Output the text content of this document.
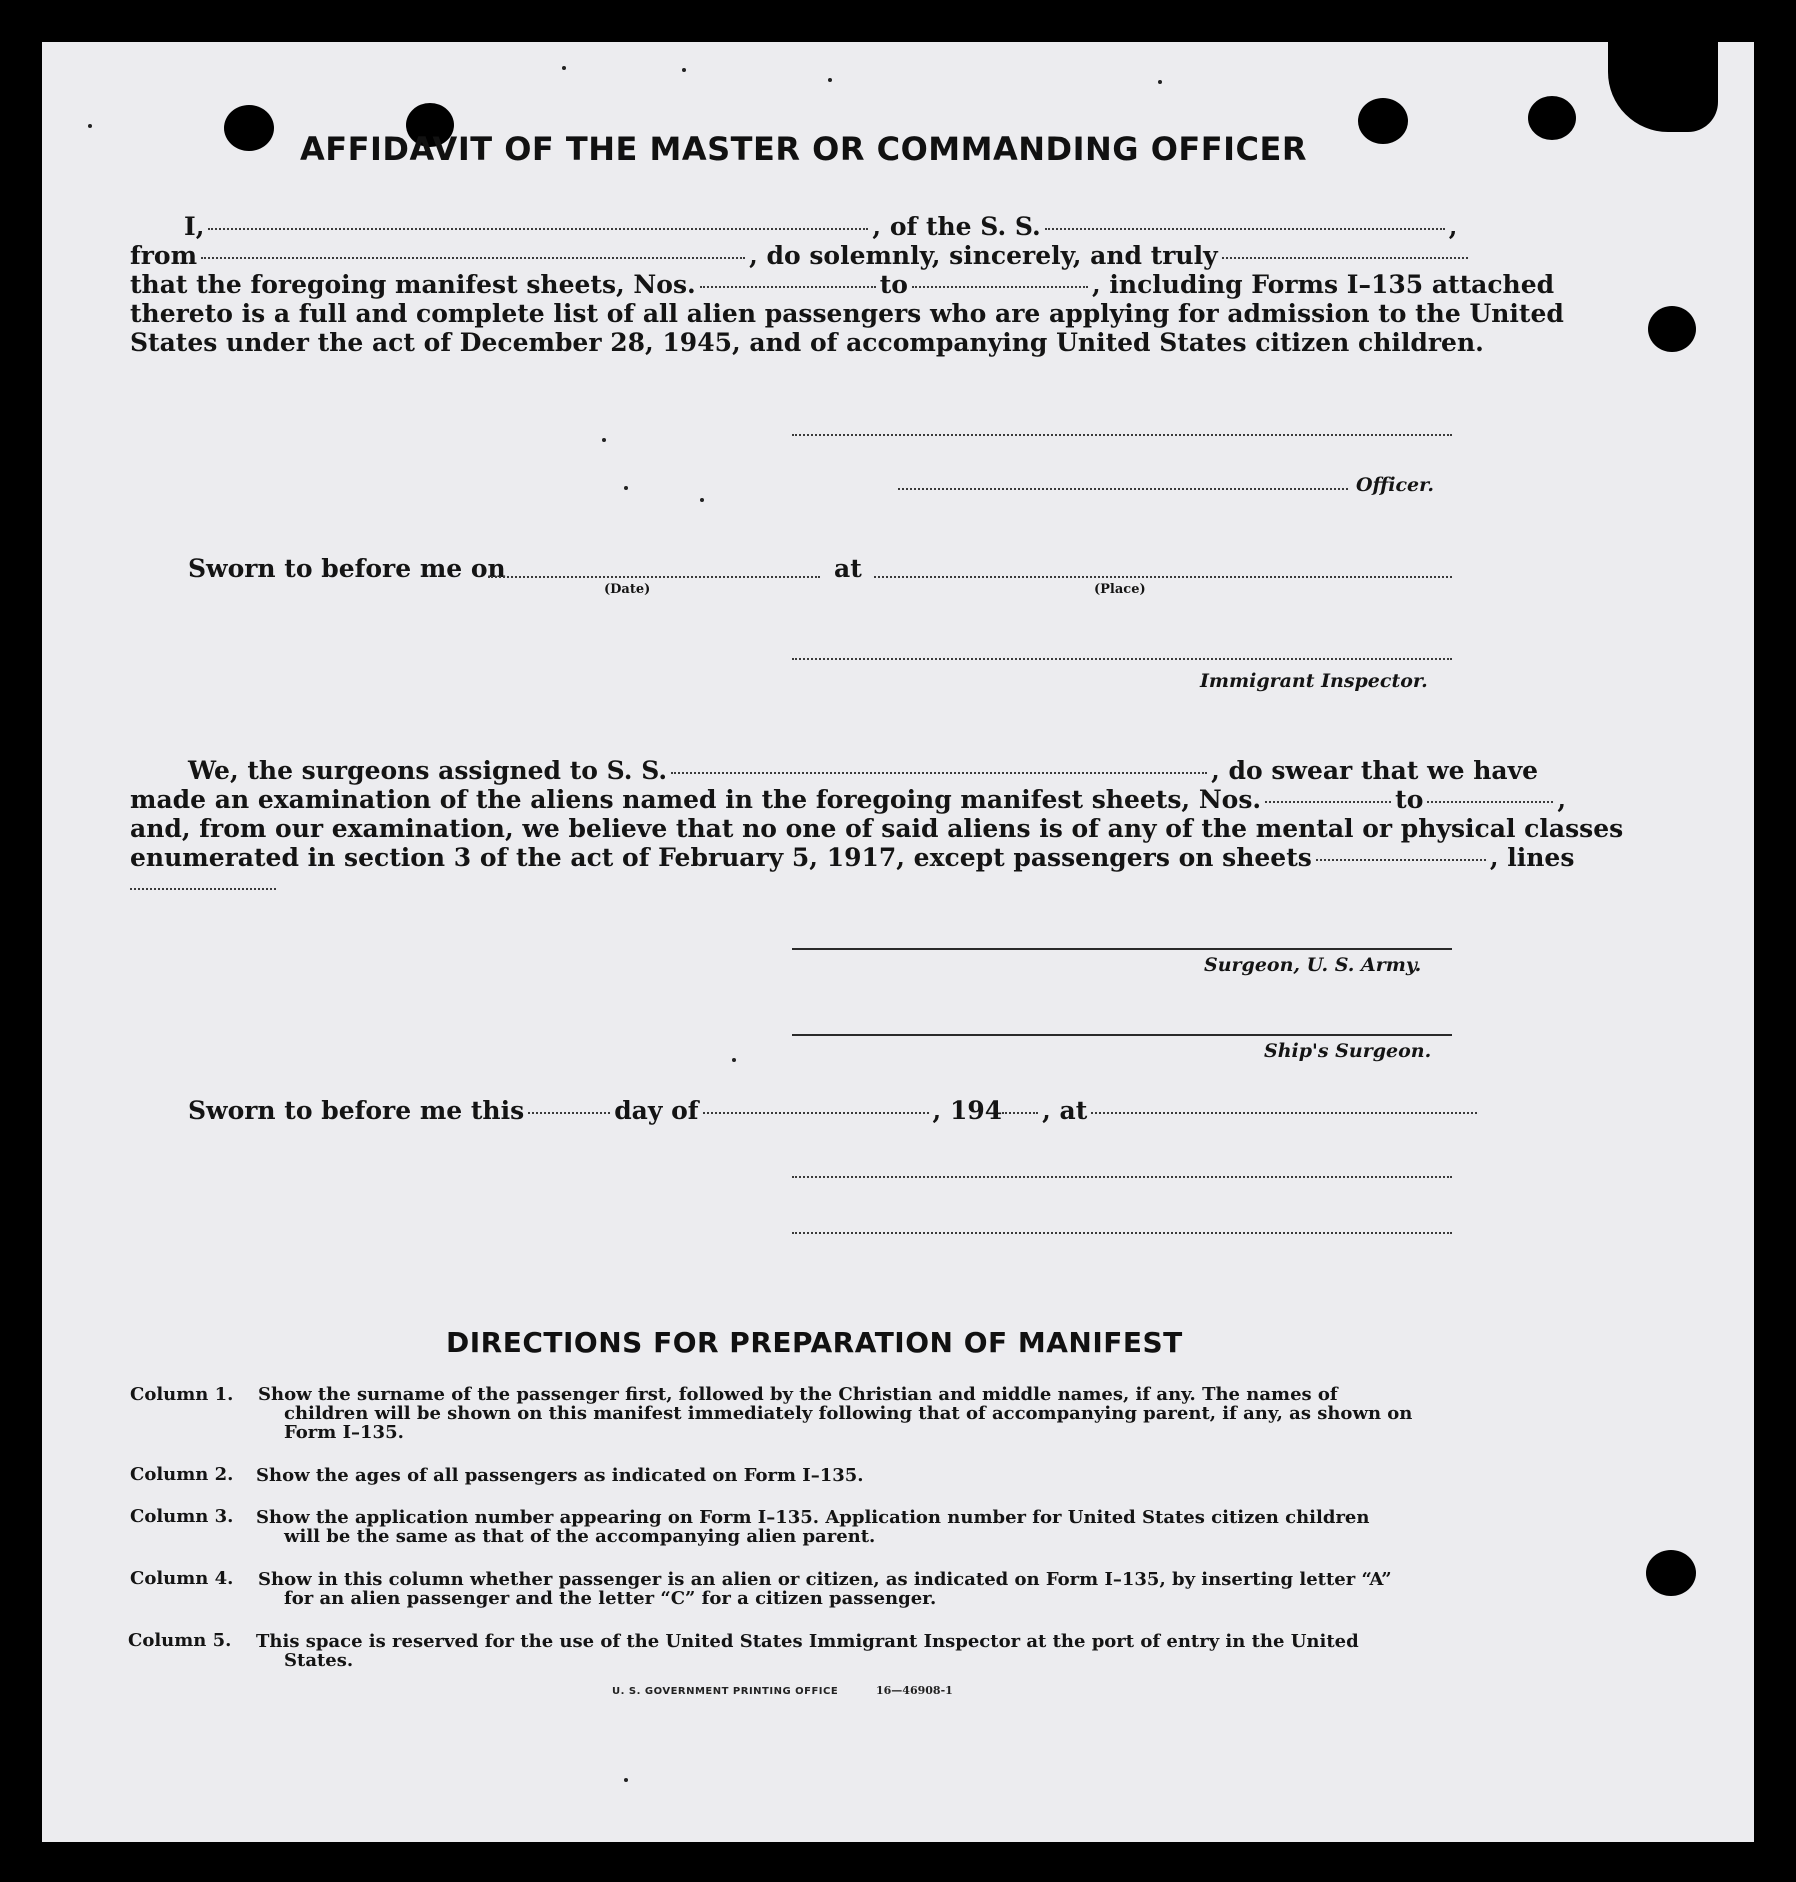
AFFIDAVIT OF THE MASTER OR COMMANDING OFFICER
I,	, of the S. S.	,
from	, do solemnly, sincerely, and truly
that the foregoing manifest sheets, Nos.	to	, including Forms I–135 attached
thereto is a full and complete list of all alien passengers who are applying for admission to the United
States under the act of December 28, 1945, and of accompanying United States citizen children.
Officer.
Sworn to before me on
(Date)
at
(Place)
Immigrant Inspector.
We, the surgeons assigned to S. S.	, do swear that we have
made an examination of the aliens named in the foregoing manifest sheets, Nos.	to	,
and, from our examination, we believe that no one of said aliens is of any of the mental or physical classes
enumerated in section 3 of the act of February 5, 1917, except passengers on sheets	, lines
Surgeon, U. S. Army.
Ship's Surgeon.
Sworn to before me this	day of	, 194 , at
DIRECTIONS FOR PREPARATION OF MANIFEST
Column 1. Show the surname of the passenger first, followed by the Christian and middle names, if any. The names of
children will be shown on this manifest immediately following that of accompanying parent, if any, as shown on Form I–135.
Column 2. Show the ages of all passengers as indicated on Form I–135.
Column 3. Show the application number appearing on Form I–135. Application number for United States citizen children
will be the same as that of the accompanying alien parent.
Column 4. Show in this column whether passenger is an alien or citizen, as indicated on Form I–135, by inserting letter “A”
for an alien passenger and the letter “C” for a citizen passenger.
Column 5. This space is reserved for the use of the United States Immigrant Inspector at the port of entry in the United
States.
U. S. GOVERNMENT PRINTING OFFICE	16—46908-1
